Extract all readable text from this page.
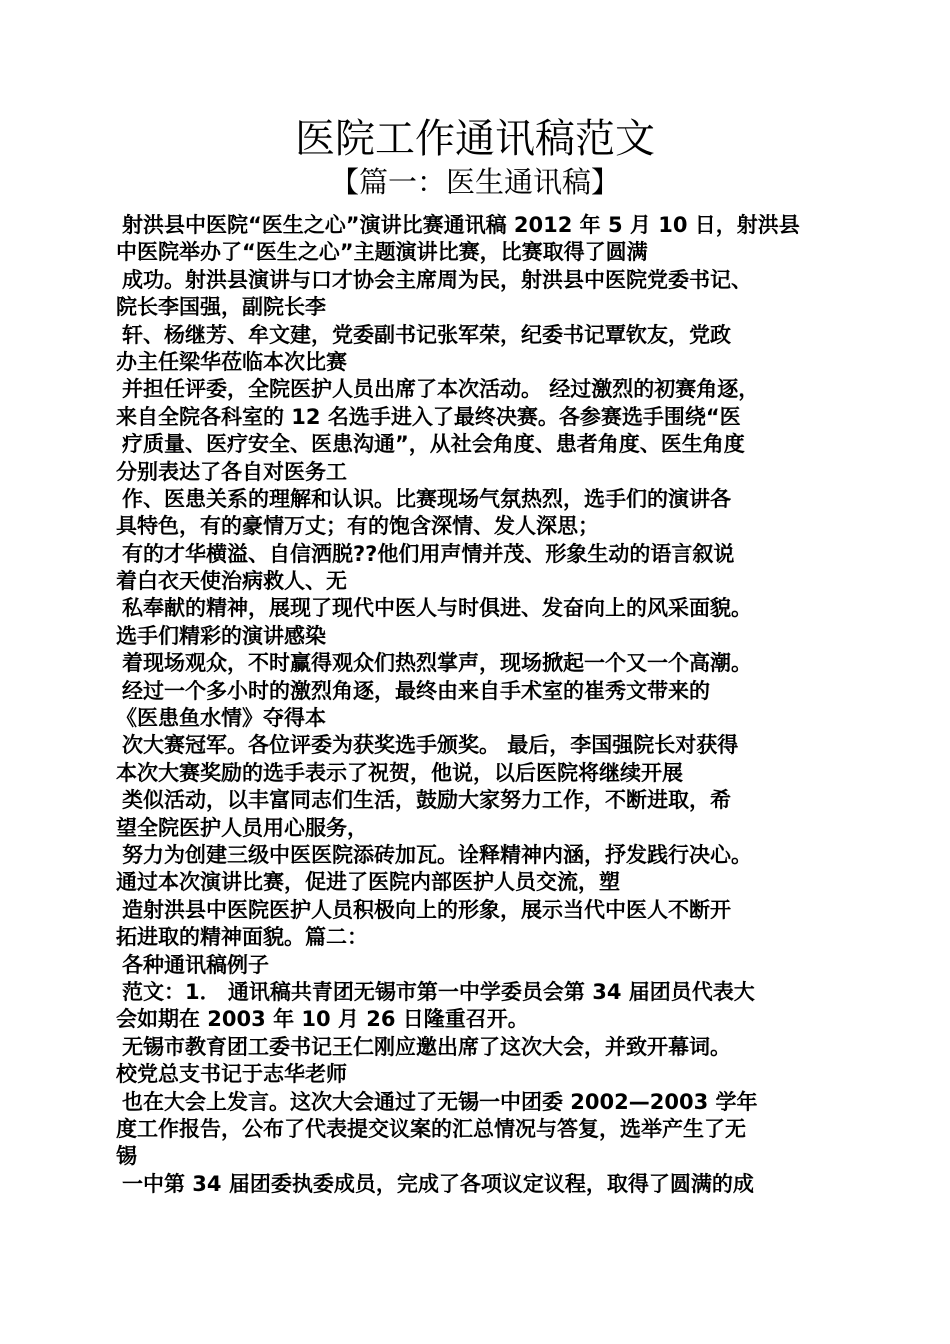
医院工作通讯稿范文
【篇一：医生通讯稿】
射洪县中医院“医生之心”演讲比赛通讯稿 2012 年 5 月 10 日，射洪县
中医院举办了“医生之心”主题演讲比赛，比赛取得了圆满
成功。射洪县演讲与口才协会主席周为民，射洪县中医院党委书记、
院长李国强，副院长李
轩、杨继芳、牟文建，党委副书记张军荣，纪委书记覃钦友，党政
办主任梁华莅临本次比赛
并担任评委，全院医护人员出席了本次活动。 经过激烈的初赛角逐，
来自全院各科室的 12 名选手进入了最终决赛。各参赛选手围绕“医
疗质量、医疗安全、医患沟通”，从社会角度、患者角度、医生角度
分别表达了各自对医务工
作、医患关系的理解和认识。比赛现场气氛热烈，选手们的演讲各
具特色，有的豪情万丈；有的饱含深情、发人深思；
有的才华横溢、自信洒脱??他们用声情并茂、形象生动的语言叙说
着白衣天使治病救人、无
私奉献的精神，展现了现代中医人与时俱进、发奋向上的风采面貌。
选手们精彩的演讲感染
着现场观众，不时赢得观众们热烈掌声，现场掀起一个又一个高潮。
经过一个多小时的激烈角逐，最终由来自手术室的崔秀文带来的
《医患鱼水情》夺得本
次大赛冠军。各位评委为获奖选手颁奖。 最后，李国强院长对获得
本次大赛奖励的选手表示了祝贺，他说，以后医院将继续开展
类似活动，以丰富同志们生活，鼓励大家努力工作，不断进取，希
望全院医护人员用心服务，
努力为创建三级中医医院添砖加瓦。诠释精神内涵，抒发践行决心。
通过本次演讲比赛，促进了医院内部医护人员交流，塑
造射洪县中医院医护人员积极向上的形象，展示当代中医人不断开
拓进取的精神面貌。篇二：
各种通讯稿例子
范文：1． 通讯稿共青团无锡市第一中学委员会第 34 届团员代表大
会如期在 2003 年 10 月 26 日隆重召开。
无锡市教育团工委书记王仁刚应邀出席了这次大会，并致开幕词。
校党总支书记于志华老师
也在大会上发言。这次大会通过了无锡一中团委 2002—2003 学年
度工作报告，公布了代表提交议案的汇总情况与答复，选举产生了无
锡
一中第 34 届团委执委成员，完成了各项议定议程，取得了圆满的成
